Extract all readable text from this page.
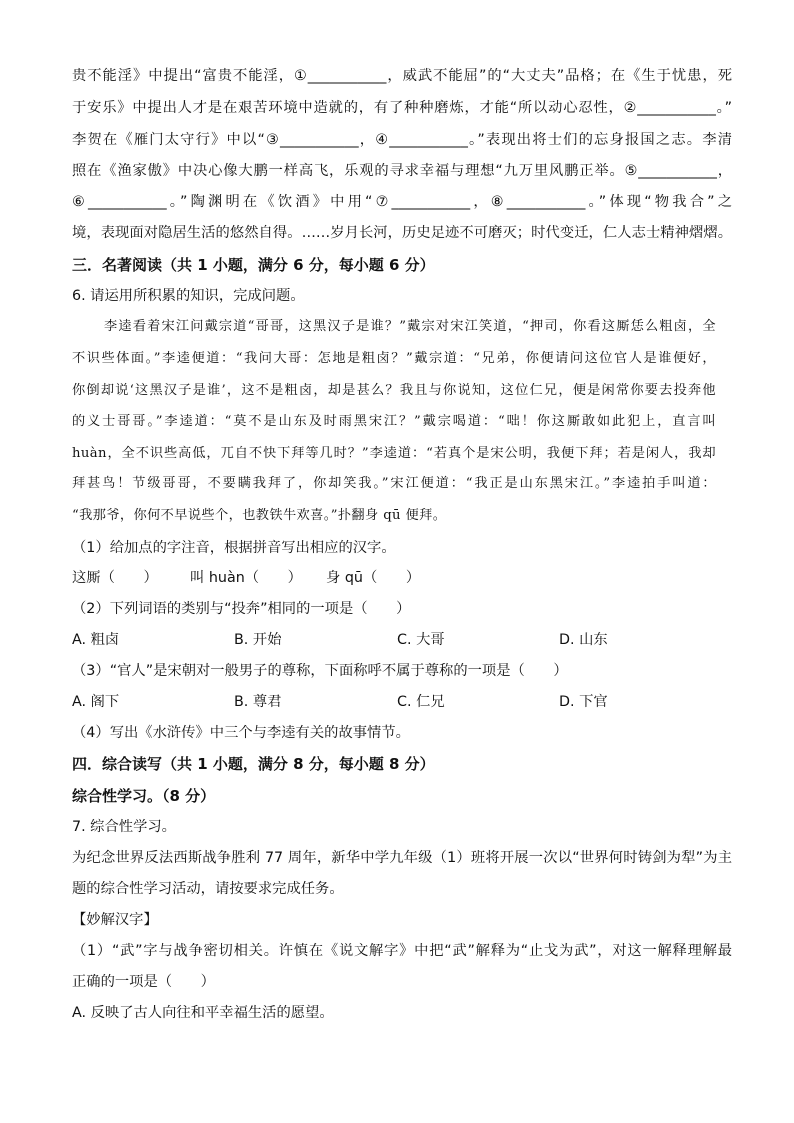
贵不能淫》中提出“富贵不能淫，①___________，威武不能屈”的“大丈夫”品格；在《生于忧患，死
于安乐》中提出人才是在艰苦环境中造就的，有了种种磨炼，才能“所以动心忍性，②___________。”
李贺在《雁门太守行》中以“③___________，④___________。”表现出将士们的忘身报国之志。李清
照在《渔家傲》中决心像大鹏一样高飞，乐观的寻求幸福与理想“九万里风鹏正举。⑤___________，
⑥___________。”陶渊明在《饮酒》中用“⑦___________，⑧___________。”体现“物我合”之
境，表现面对隐居生活的悠然自得。……岁月长河，历史足迹不可磨灭；时代变迁，仁人志士精神熠熠。
三．名著阅读（共 1 小题，满分 6 分，每小题 6 分）
6. 请运用所积累的知识，完成问题。
李逵看着宋江问戴宗道“哥哥，这黑汉子是谁？”戴宗对宋江笑道，“押司，你看这厮恁么粗卤，全
不识些体面。”李逵便道：“我问大哥：怎地是粗卤？”戴宗道：“兄弟，你便请问这位官人是谁便好，
你倒却说‘这黑汉子是谁’，这不是粗卤，却是甚么？我且与你说知，这位仁兄，便是闲常你要去投奔他
的义士哥哥。”李逵道：“莫不是山东及时雨黑宋江？”戴宗喝道：“咄！你这厮敢如此犯上，直言叫
huàn，全不识些高低，兀自不快下拜等几时？”李逵道：“若真个是宋公明，我便下拜；若是闲人，我却
拜甚鸟！节级哥哥，不要瞒我拜了，你却笑我。”宋江便道：“我正是山东黑宋江。”李逵拍手叫道：
“我那爷，你何不早说些个，也教铁牛欢喜。”扑翻身 qū 便拜。
（1）给加点的字注音，根据拼音写出相应的汉字。
这厮（　　） 叫 huàn（　　） 身 qū（　　）
（2）下列词语的类别与“投奔”相同的一项是（　　）
A. 粗卤	B. 开始	C. 大哥	D. 山东
（3）“官人”是宋朝对一般男子的尊称，下面称呼不属于尊称的一项是（　　）
A. 阁下	B. 尊君	C. 仁兄	D. 下官
（4）写出《水浒传》中三个与李逵有关的故事情节。
四．综合读写（共 1 小题，满分 8 分，每小题 8 分）
综合性学习。（8 分）
7. 综合性学习。
为纪念世界反法西斯战争胜利 77 周年，新华中学九年级（1）班将开展一次以“世界何时铸剑为犁”为主
题的综合性学习活动，请按要求完成任务。
【妙解汉字】
（1）“武”字与战争密切相关。许慎在《说文解字》中把“武”解释为“止戈为武”，对这一解释理解最
正确的一项是（　　）
A. 反映了古人向往和平幸福生活的愿望。
